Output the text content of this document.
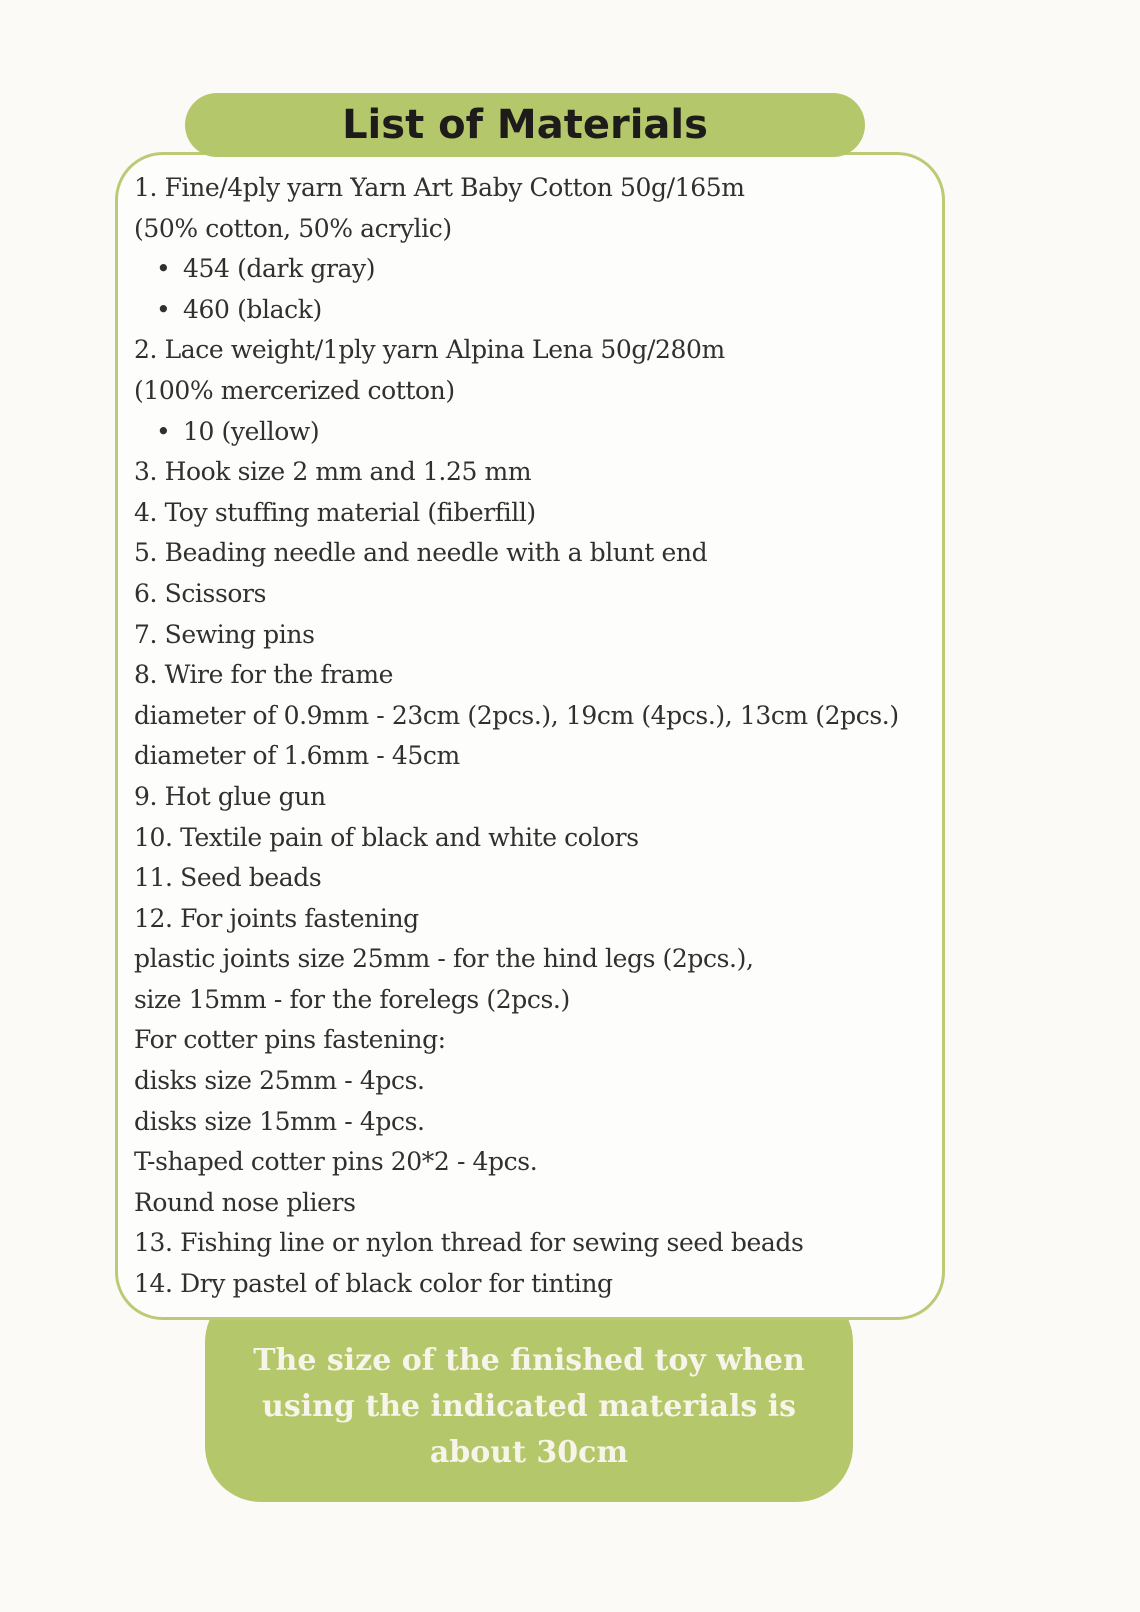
List of Materials
1. Fine/4ply yarn Yarn Art Baby Cotton 50g/165m
(50% cotton, 50% acrylic)
• 454 (dark gray)
• 460 (black)
2. Lace weight/1ply yarn Alpina Lena 50g/280m
(100% mercerized cotton)
• 10 (yellow)
3. Hook size 2 mm and 1.25 mm
4. Toy stuffing material (fiberfill)
5. Beading needle and needle with a blunt end
6. Scissors
7. Sewing pins
8. Wire for the frame
diameter of 0.9mm - 23cm (2pcs.), 19cm (4pcs.), 13cm (2pcs.)
diameter of 1.6mm - 45cm
9. Hot glue gun
10. Textile pain of black and white colors
11. Seed beads
12. For joints fastening
plastic joints size 25mm - for the hind legs (2pcs.),
size 15mm - for the forelegs (2pcs.)
For cotter pins fastening:
disks size 25mm - 4pcs.
disks size 15mm - 4pcs.
T-shaped cotter pins 20*2 - 4pcs.
Round nose pliers
13. Fishing line or nylon thread for sewing seed beads
14. Dry pastel of black color for tinting
The size of the finished toy when using the indicated materials is about 30cm
